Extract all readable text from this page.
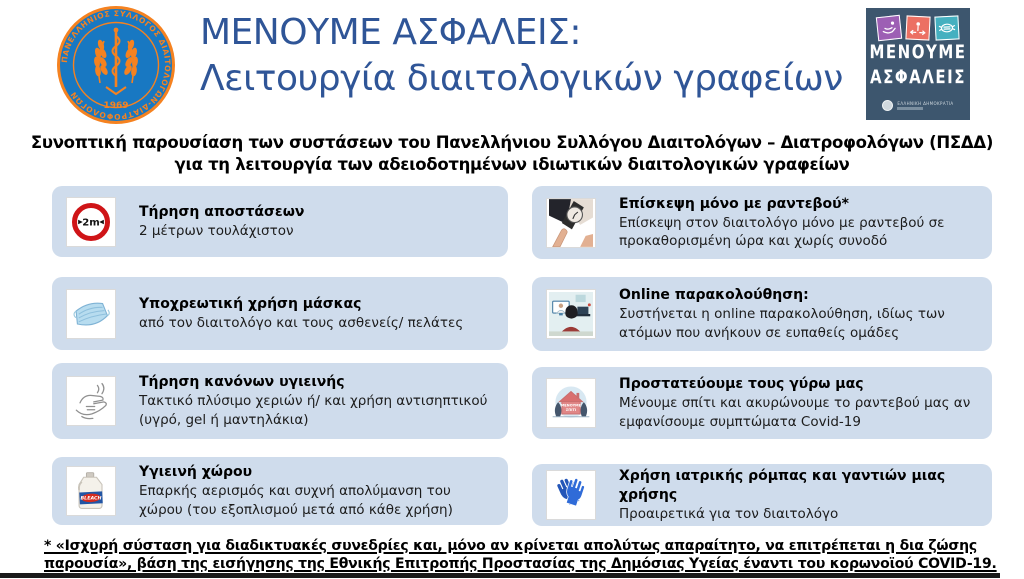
ΠΑΝΕΛΛΗΝΙΟΣ ΣΥΛΛΟΓΟΣ ΔΙΑΙΤΟΛΟΓΩΝ-ΔΙΑΤΡΟΦΟΛΟΓΩΝ
1969
ΜΕΝΟΥΜΕ ΑΣΦΑΛΕΙΣ:
Λειτουργία διαιτολογικών γραφείων
ΜΕΝΟΥΜΕ
ΑΣΦΑΛΕΙΣ
ΕΛΛΗΝΙΚΗ ΔΗΜΟΚΡΑΤΙΑ
Συνοπτική παρουσίαση των συστάσεων του Πανελλήνιου Συλλόγου Διαιτολόγων – Διατροφολόγων (ΠΣΔΔ)
για τη λειτουργία των αδειοδοτημένων ιδιωτικών διαιτολογικών γραφείων
2m
Τήρηση αποστάσεων

2 μέτρων τουλάχιστον

Υποχρεωτική χρήση μάσκας

από τον διαιτολόγο και τους ασθενείς/ πελάτες

Τήρηση κανόνων υγιεινής

Τακτικό πλύσιμο χεριών ή/ και χρήση αντισηπτικού (υγρό, gel ή μαντηλάκια)

BLEACH
Υγιεινή χώρου

Επαρκής αερισμός και συχνή απολύμανση του χώρου (του εξοπλισμού μετά από κάθε χρήση)

Επίσκεψη μόνο με ραντεβού*

Επίσκεψη στον διαιτολόγο μόνο με ραντεβού σε προκαθορισμένη ώρα και χωρίς συνοδό

Online παρακολούθηση:

Συστήνεται η online παρακολούθηση, ιδίως των ατόμων που ανήκουν σε ευπαθείς ομάδες

ΜΕΝΟΥΜΕ
ΣΠΙΤΙ
Προστατεύουμε τους γύρω μας

Μένουμε σπίτι και ακυρώνουμε το ραντεβού μας αν εμφανίσουμε συμπτώματα Covid-19

Χρήση ιατρικής ρόμπας και γαντιών μιας χρήσης

Προαιρετικά για τον διαιτολόγο

* «Ισχυρή σύσταση για διαδικτυακές συνεδρίες και, μόνο αν κρίνεται απολύτως απαραίτητο, να επιτρέπεται η δια ζώσης
παρουσία», βάση της εισήγησης της Εθνικής Επιτροπής Προστασίας της Δημόσιας Υγείας έναντι του κορωνοϊού COVID-19.
